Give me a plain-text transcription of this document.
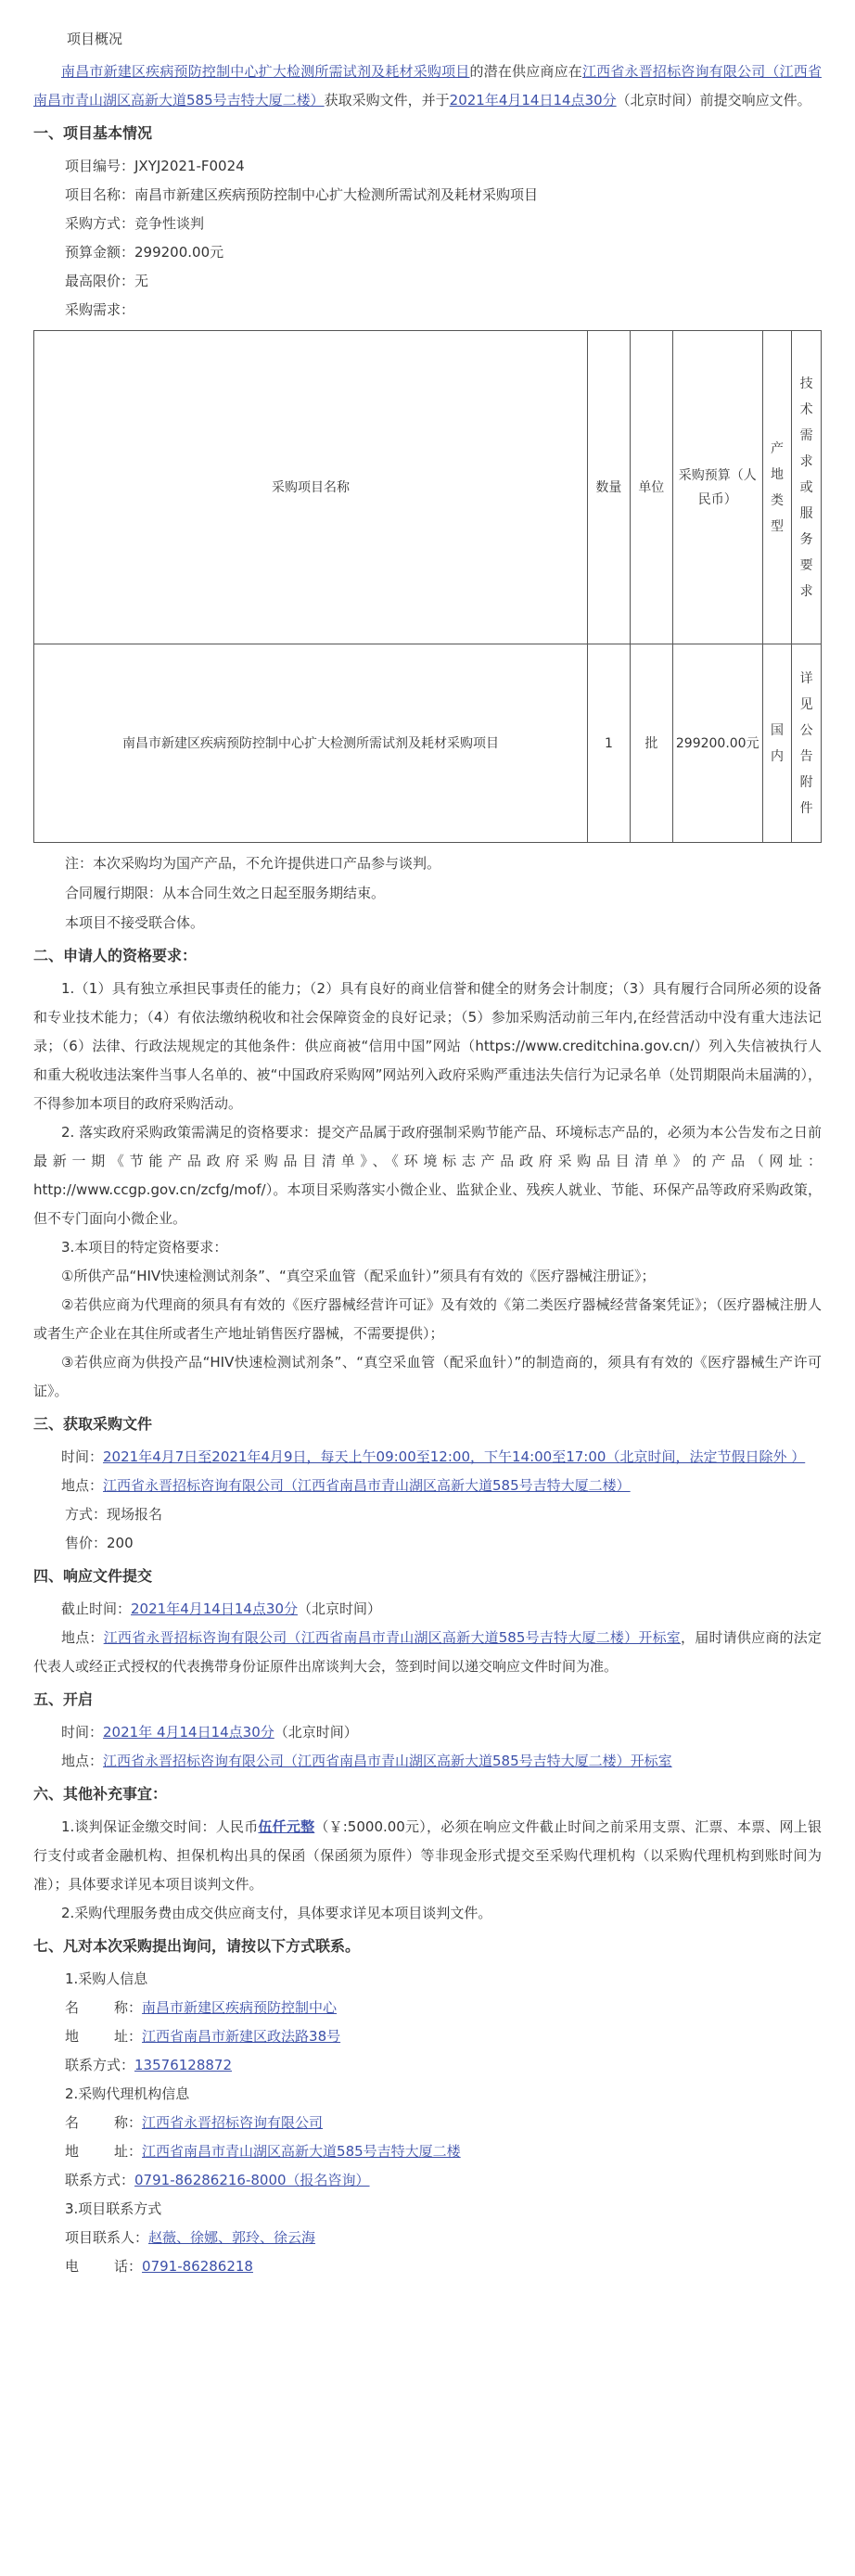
项目概况

南昌市新建区疾病预防控制中心扩大检测所需试剂及耗材采购项目的潜在供应商应在江西省永晋招标咨询有限公司（江西省南昌市青山湖区高新大道585号吉特大厦二楼）获取采购文件，并于2021年4月14日14点30分（北京时间）前提交响应文件。

一、项目基本情况

项目编号：JXYJ2021-F0024

项目名称：南昌市新建区疾病预防控制中心扩大检测所需试剂及耗材采购项目

采购方式：竞争性谈判

预算金额：299200.00元

最高限价：无

采购需求：

采购项目名称	数量	单位	采购预算（人民币）	产地类型	技术需求或服务要求
南昌市新建区疾病预防控制中心扩大检测所需试剂及耗材采购项目	1	批	299200.00元	国内	详见公告附件

注：本次采购均为国产产品，不允许提供进口产品参与谈判。

合同履行期限：从本合同生效之日起至服务期结束。

本项目不接受联合体。

二、申请人的资格要求：

1.（1）具有独立承担民事责任的能力；（2）具有良好的商业信誉和健全的财务会计制度；（3）具有履行合同所必须的设备和专业技术能力；（4）有依法缴纳税收和社会保障资金的良好记录；（5）参加采购活动前三年内,在经营活动中没有重大违法记录；（6）法律、行政法规规定的其他条件：供应商被“信用中国”网站（https://www.creditchina.gov.cn/）列入失信被执行人和重大税收违法案件当事人名单的、被“中国政府采购网”网站列入政府采购严重违法失信行为记录名单（处罚期限尚未届满的），不得参加本项目的政府采购活动。

2. 落实政府采购政策需满足的资格要求：提交产品属于政府强制采购节能产品、环境标志产品的，必须为本公告发布之日前最新一期《节能产品政府采购品目清单》、《环境标志产品政府采购品目清单》的产品（网址：http://www.ccgp.gov.cn/zcfg/mof/）。本项目采购落实小微企业、监狱企业、残疾人就业、节能、环保产品等政府采购政策，但不专门面向小微企业。

3.本项目的特定资格要求：

①所供产品“HIV快速检测试剂条”、“真空采血管（配采血针）”须具有有效的《医疗器械注册证》；

②若供应商为代理商的须具有有效的《医疗器械经营许可证》及有效的《第二类医疗器械经营备案凭证》；（医疗器械注册人或者生产企业在其住所或者生产地址销售医疗器械，不需要提供）；

③若供应商为供投产品“HIV快速检测试剂条”、“真空采血管（配采血针）”的制造商的，须具有有效的《医疗器械生产许可证》。

三、获取采购文件

时间：2021年4月7日至2021年4月9日，每天上午09:00至12:00，下午14:00至17:00（北京时间，法定节假日除外 ）

地点：江西省永晋招标咨询有限公司（江西省南昌市青山湖区高新大道585号吉特大厦二楼）

方式：现场报名

售价：200

四、响应文件提交

截止时间：2021年4月14日14点30分（北京时间）

地点：江西省永晋招标咨询有限公司（江西省南昌市青山湖区高新大道585号吉特大厦二楼）开标室，届时请供应商的法定代表人或经正式授权的代表携带身份证原件出席谈判大会，签到时间以递交响应文件时间为准。

五、开启

时间：2021年 4月14日14点30分（北京时间）

地点：江西省永晋招标咨询有限公司（江西省南昌市青山湖区高新大道585号吉特大厦二楼）开标室

六、其他补充事宜：

1.谈判保证金缴交时间：人民币伍仟元整（￥:5000.00元），必须在响应文件截止时间之前采用支票、汇票、本票、网上银行支付或者金融机构、担保机构出具的保函（保函须为原件）等非现金形式提交至采购代理机构（以采购代理机构到账时间为准）；具体要求详见本项目谈判文件。

2.采购代理服务费由成交供应商支付，具体要求详见本项目谈判文件。

七、凡对本次采购提出询问，请按以下方式联系。

1.采购人信息

名	称：南昌市新建区疾病预防控制中心

地	址：江西省南昌市新建区政法路38号

联系方式：13576128872

2.采购代理机构信息

名	称：江西省永晋招标咨询有限公司

地	址：江西省南昌市青山湖区高新大道585号吉特大厦二楼

联系方式：0791-86286216-8000（报名咨询）

3.项目联系方式

项目联系人：赵薇、徐娜、郭玲、徐云海

电	话：0791-86286218
